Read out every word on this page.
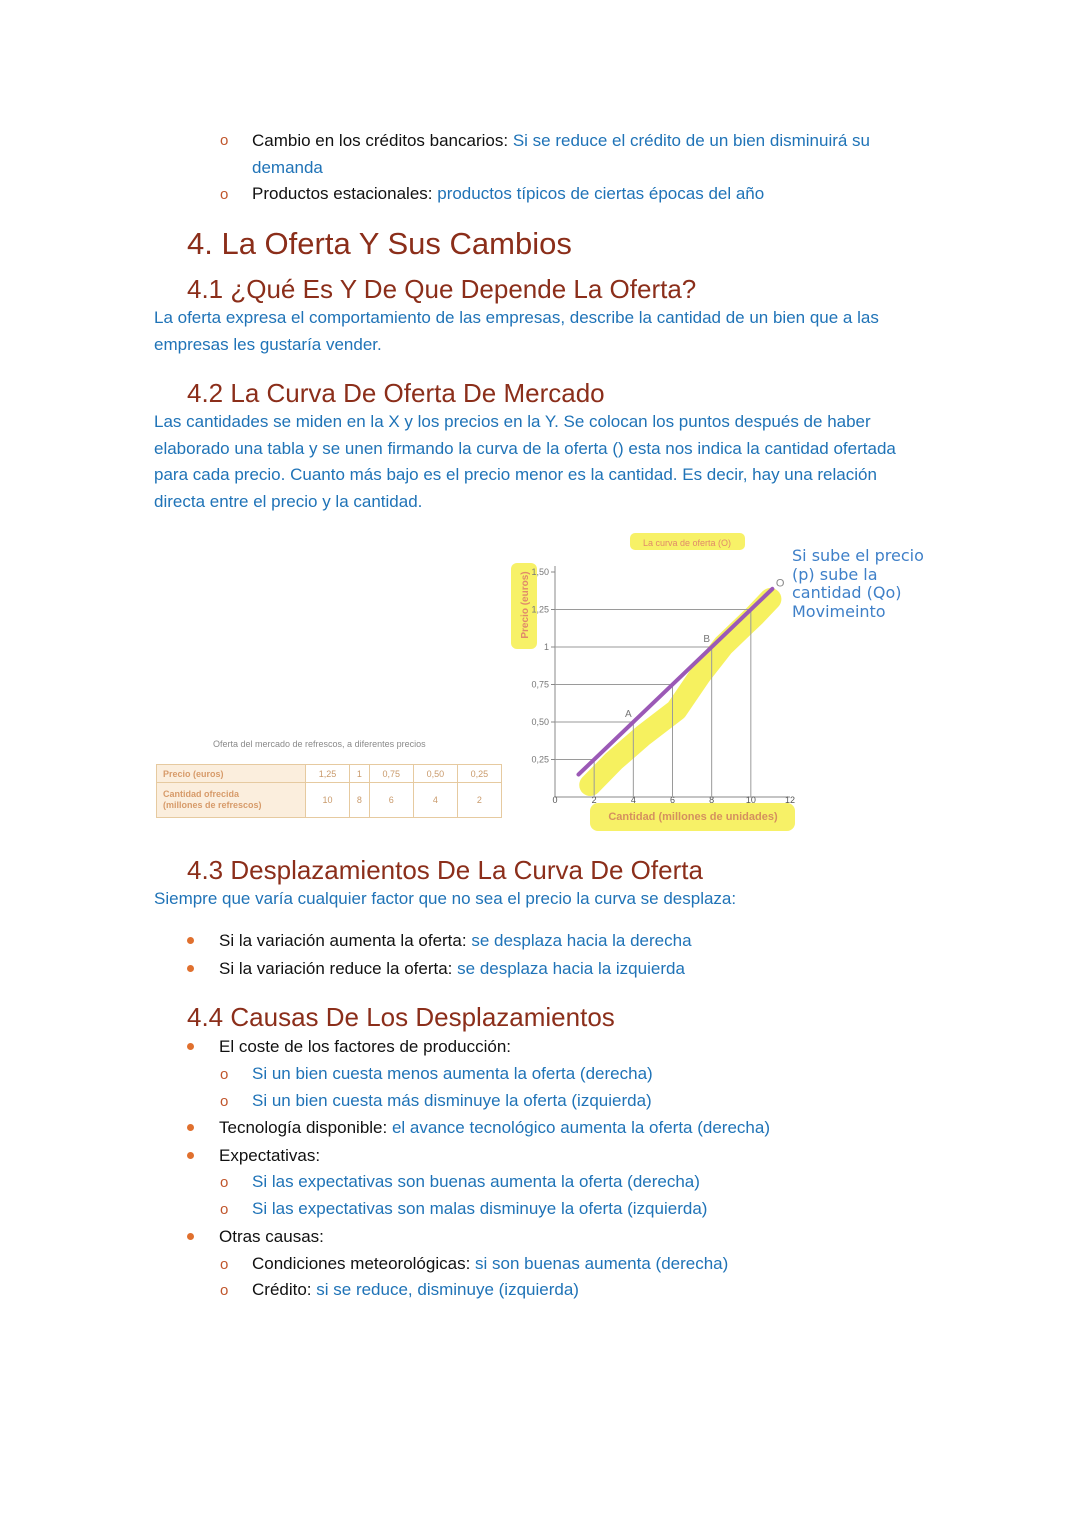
o Cambio en los créditos bancarios: Si se reduce el crédito de un bien disminuirá su
demanda
o Productos estacionales: productos típicos de ciertas épocas del año
4. La Oferta Y Sus Cambios
4.1 ¿Qué Es Y De Que Depende La Oferta?
La oferta expresa el comportamiento de las empresas, describe la cantidad de un bien que a las
empresas les gustaría vender.
4.2 La Curva De Oferta De Mercado
Las cantidades se miden en la X y los precios en la Y. Se colocan los puntos después de haber
elaborado una tabla y se unen firmando la curva de la oferta () esta nos indica la cantidad ofertada
para cada precio. Cuanto más bajo es el precio menor es la cantidad. Es decir, hay una relación
directa entre el precio y la cantidad.
Oferta del mercado de refrescos, a diferentes precios
Precio (euros)	1,25	1	0,75	0,50	0,25

Cantidad ofrecida
(millones de refrescos)	10	8	6	4	2
0,25
0,50
0,75
1
1,25
1,50
0	2	4	6	8	10	12
O
A
B
La curva de oferta (O)
Precio (euros)
Cantidad (millones de unidades)
Si sube el precio
(p) sube la
cantidad (Qo)
Movimeinto
4.3 Desplazamientos De La Curva De Oferta
Siempre que varía cualquier factor que no sea el precio la curva se desplaza:
Si la variación aumenta la oferta: se desplaza hacia la derecha
Si la variación reduce la oferta: se desplaza hacia la izquierda
4.4 Causas De Los Desplazamientos
El coste de los factores de producción:
o Si un bien cuesta menos aumenta la oferta (derecha)
o Si un bien cuesta más disminuye la oferta (izquierda)
Tecnología disponible: el avance tecnológico aumenta la oferta (derecha)
Expectativas:
o Si las expectativas son buenas aumenta la oferta (derecha)
o Si las expectativas son malas disminuye la oferta (izquierda)
Otras causas:
o Condiciones meteorológicas: si son buenas aumenta (derecha)
o Crédito: si se reduce, disminuye (izquierda)
